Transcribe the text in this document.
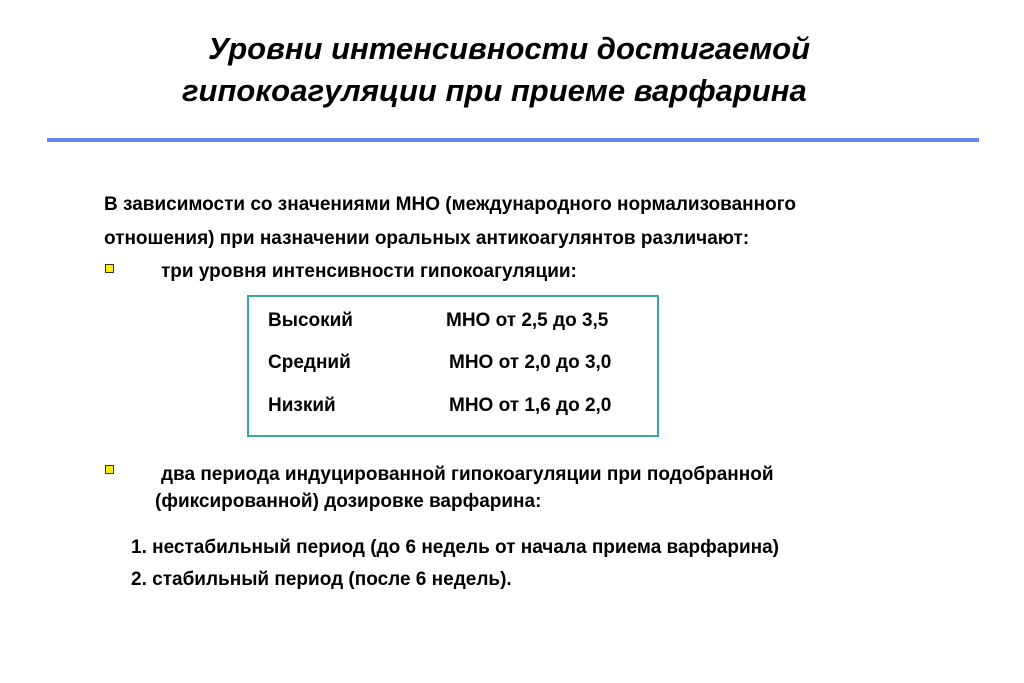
Уровни интенсивности достигаемой
гипокоагуляции при приеме варфарина
В зависимости со значениями МНО (международного нормализованного
отношения) при назначении оральных антикоагулянтов различают:
три уровня интенсивности гипокоагуляции:
Высокий	МНО от 2,5 до 3,5
Средний	МНО от 2,0 до 3,0
Низкий	МНО от 1,6 до 2,0
два периода индуцированной гипокоагуляции при подобранной
(фиксированной) дозировке варфарина:
1. нестабильный период (до 6 недель от начала приема варфарина)
2. стабильный период (после 6 недель).
